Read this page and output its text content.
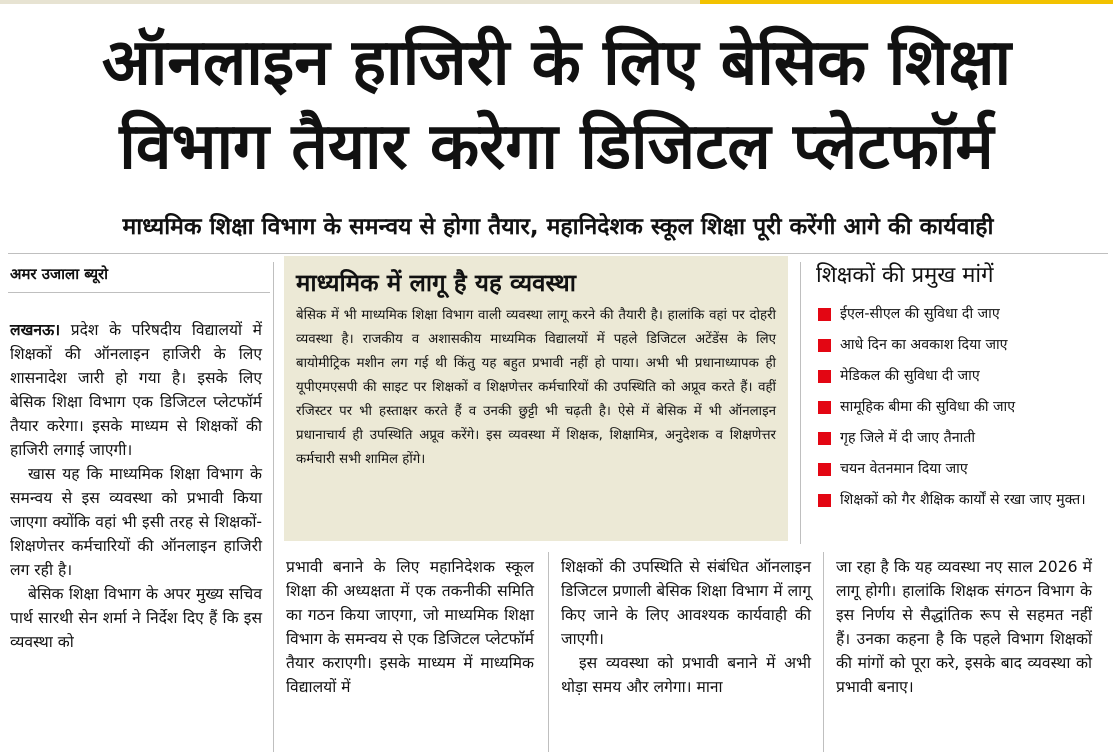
ऑनलाइन हाजिरी के लिए बेसिक शिक्षा
विभाग तैयार करेगा डिजिटल प्लेटफॉर्म
माध्यमिक शिक्षा विभाग के समन्वय से होगा तैयार, महानिदेशक स्कूल शिक्षा पूरी करेंगी आगे की कार्यवाही
अमर उजाला ब्यूरो

लखनऊ। प्रदेश के परिषदीय विद्यालयों में शिक्षकों की ऑनलाइन हाजिरी के लिए शासनादेश जारी हो गया है। इसके लिए बेसिक शिक्षा विभाग एक डिजिटल प्लेटफॉर्म तैयार करेगा। इसके माध्यम से शिक्षकों की हाजिरी लगाई जाएगी।

खास यह कि माध्यमिक शिक्षा विभाग के समन्वय से इस व्यवस्था को प्रभावी किया जाएगा क्योंकि वहां भी इसी तरह से शिक्षकों-शिक्षणेत्तर कर्मचारियों की ऑनलाइन हाजिरी लग रही है।

बेसिक शिक्षा विभाग के अपर मुख्य सचिव पार्थ सारथी सेन शर्मा ने निर्देश दिए हैं कि इस व्यवस्था को

माध्यमिक में लागू है यह व्यवस्था
बेसिक में भी माध्यमिक शिक्षा विभाग वाली व्यवस्था लागू करने की तैयारी है। हालांकि वहां पर दोहरी व्यवस्था है। राजकीय व अशासकीय माध्यमिक विद्यालयों में पहले डिजिटल अटेंडेंस के लिए बायोमीट्रिक मशीन लग गई थी किंतु यह बहुत प्रभावी नहीं हो पाया। अभी भी प्रधानाध्यापक ही यूपीएमएसपी की साइट पर शिक्षकों व शिक्षणेत्तर कर्मचारियों की उपस्थिति को अप्रूव करते हैं। वहीं रजिस्टर पर भी हस्ताक्षर करते हैं व उनकी छुट्टी भी चढ़ती है। ऐसे में बेसिक में भी ऑनलाइन प्रधानाचार्य ही उपस्थिति अप्रूव करेंगे। इस व्यवस्था में शिक्षक, शिक्षामित्र, अनुदेशक व शिक्षणेत्तर कर्मचारी सभी शामिल होंगे।
शिक्षकों की प्रमुख मांगें
ईएल-सीएल की सुविधा दी जाए
आधे दिन का अवकाश दिया जाए
मेडिकल की सुविधा दी जाए
सामूहिक बीमा की सुविधा की जाए
गृह जिले में दी जाए तैनाती
चयन वेतनमान दिया जाए
शिक्षकों को गैर शैक्षिक कार्यों से रखा जाए मुक्त।

प्रभावी बनाने के लिए महानिदेशक स्कूल शिक्षा की अध्यक्षता में एक तकनीकी समिति का गठन किया जाएगा, जो माध्यमिक शिक्षा विभाग के समन्वय से एक डिजिटल प्लेटफॉर्म तैयार कराएगी। इसके माध्यम में माध्यमिक विद्यालयों में

शिक्षकों की उपस्थिति से संबंधित ऑनलाइन डिजिटल प्रणाली बेसिक शिक्षा विभाग में लागू किए जाने के लिए आवश्यक कार्यवाही की जाएगी।

इस व्यवस्था को प्रभावी बनाने में अभी थोड़ा समय और लगेगा। माना

जा रहा है कि यह व्यवस्था नए साल 2026 में लागू होगी। हालांकि शिक्षक संगठन विभाग के इस निर्णय से सैद्धांतिक रूप से सहमत नहीं हैं। उनका कहना है कि पहले विभाग शिक्षकों की मांगों को पूरा करे, इसके बाद व्यवस्था को प्रभावी बनाए।
